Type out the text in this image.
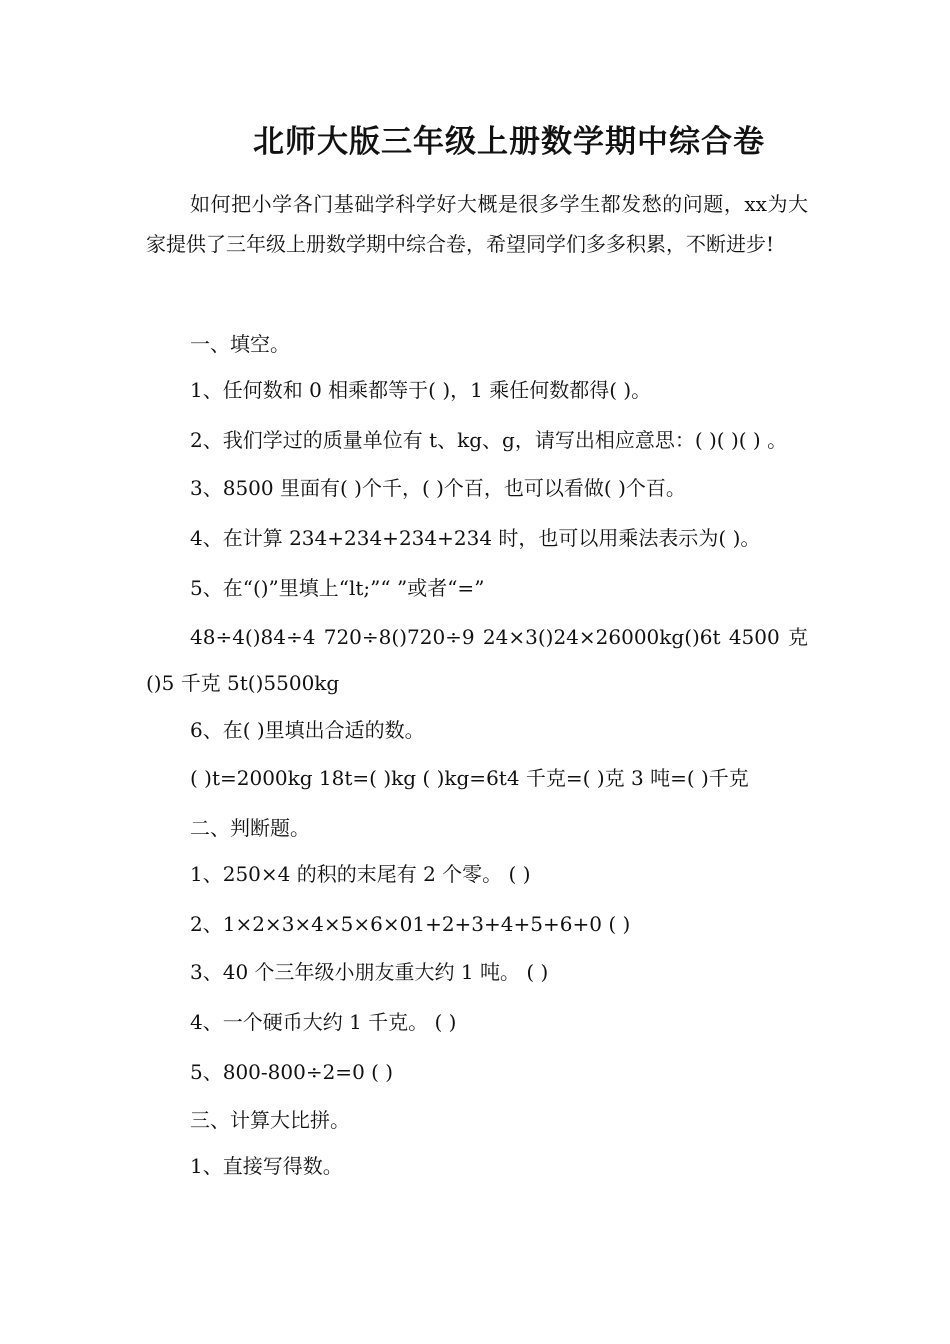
北师大版三年级上册数学期中综合卷
如何把小学各门基础学科学好大概是很多学生都发愁的问题，xx为大家提供了三年级上册数学期中综合卷，希望同学们多多积累，不断进步!
一、填空。
1、任何数和 0 相乘都等于( )，1 乘任何数都得( )。
2、我们学过的质量单位有 t、kg、g，请写出相应意思：( )( )( ) 。
3、8500 里面有( )个千，( )个百，也可以看做( )个百。
4、在计算 234+234+234+234 时，也可以用乘法表示为( )。
5、在“()”里填上“lt;”“ ”或者“=”
48÷4()84÷4 720÷8()720÷9 24×3()24×26000kg()6t 4500 克 ()5 千克 5t()5500kg
6、在( )里填出合适的数。
( )t=2000kg 18t=( )kg ( )kg=6t4 千克=( )克 3 吨=( )千克
二、判断题。
1、250×4 的积的末尾有 2 个零。 ( )
2、1×2×3×4×5×6×01+2+3+4+5+6+0 ( )
3、40 个三年级小朋友重大约 1 吨。 ( )
4、一个硬币大约 1 千克。 ( )
5、800-800÷2=0 ( )
三、计算大比拼。
1、直接写得数。
